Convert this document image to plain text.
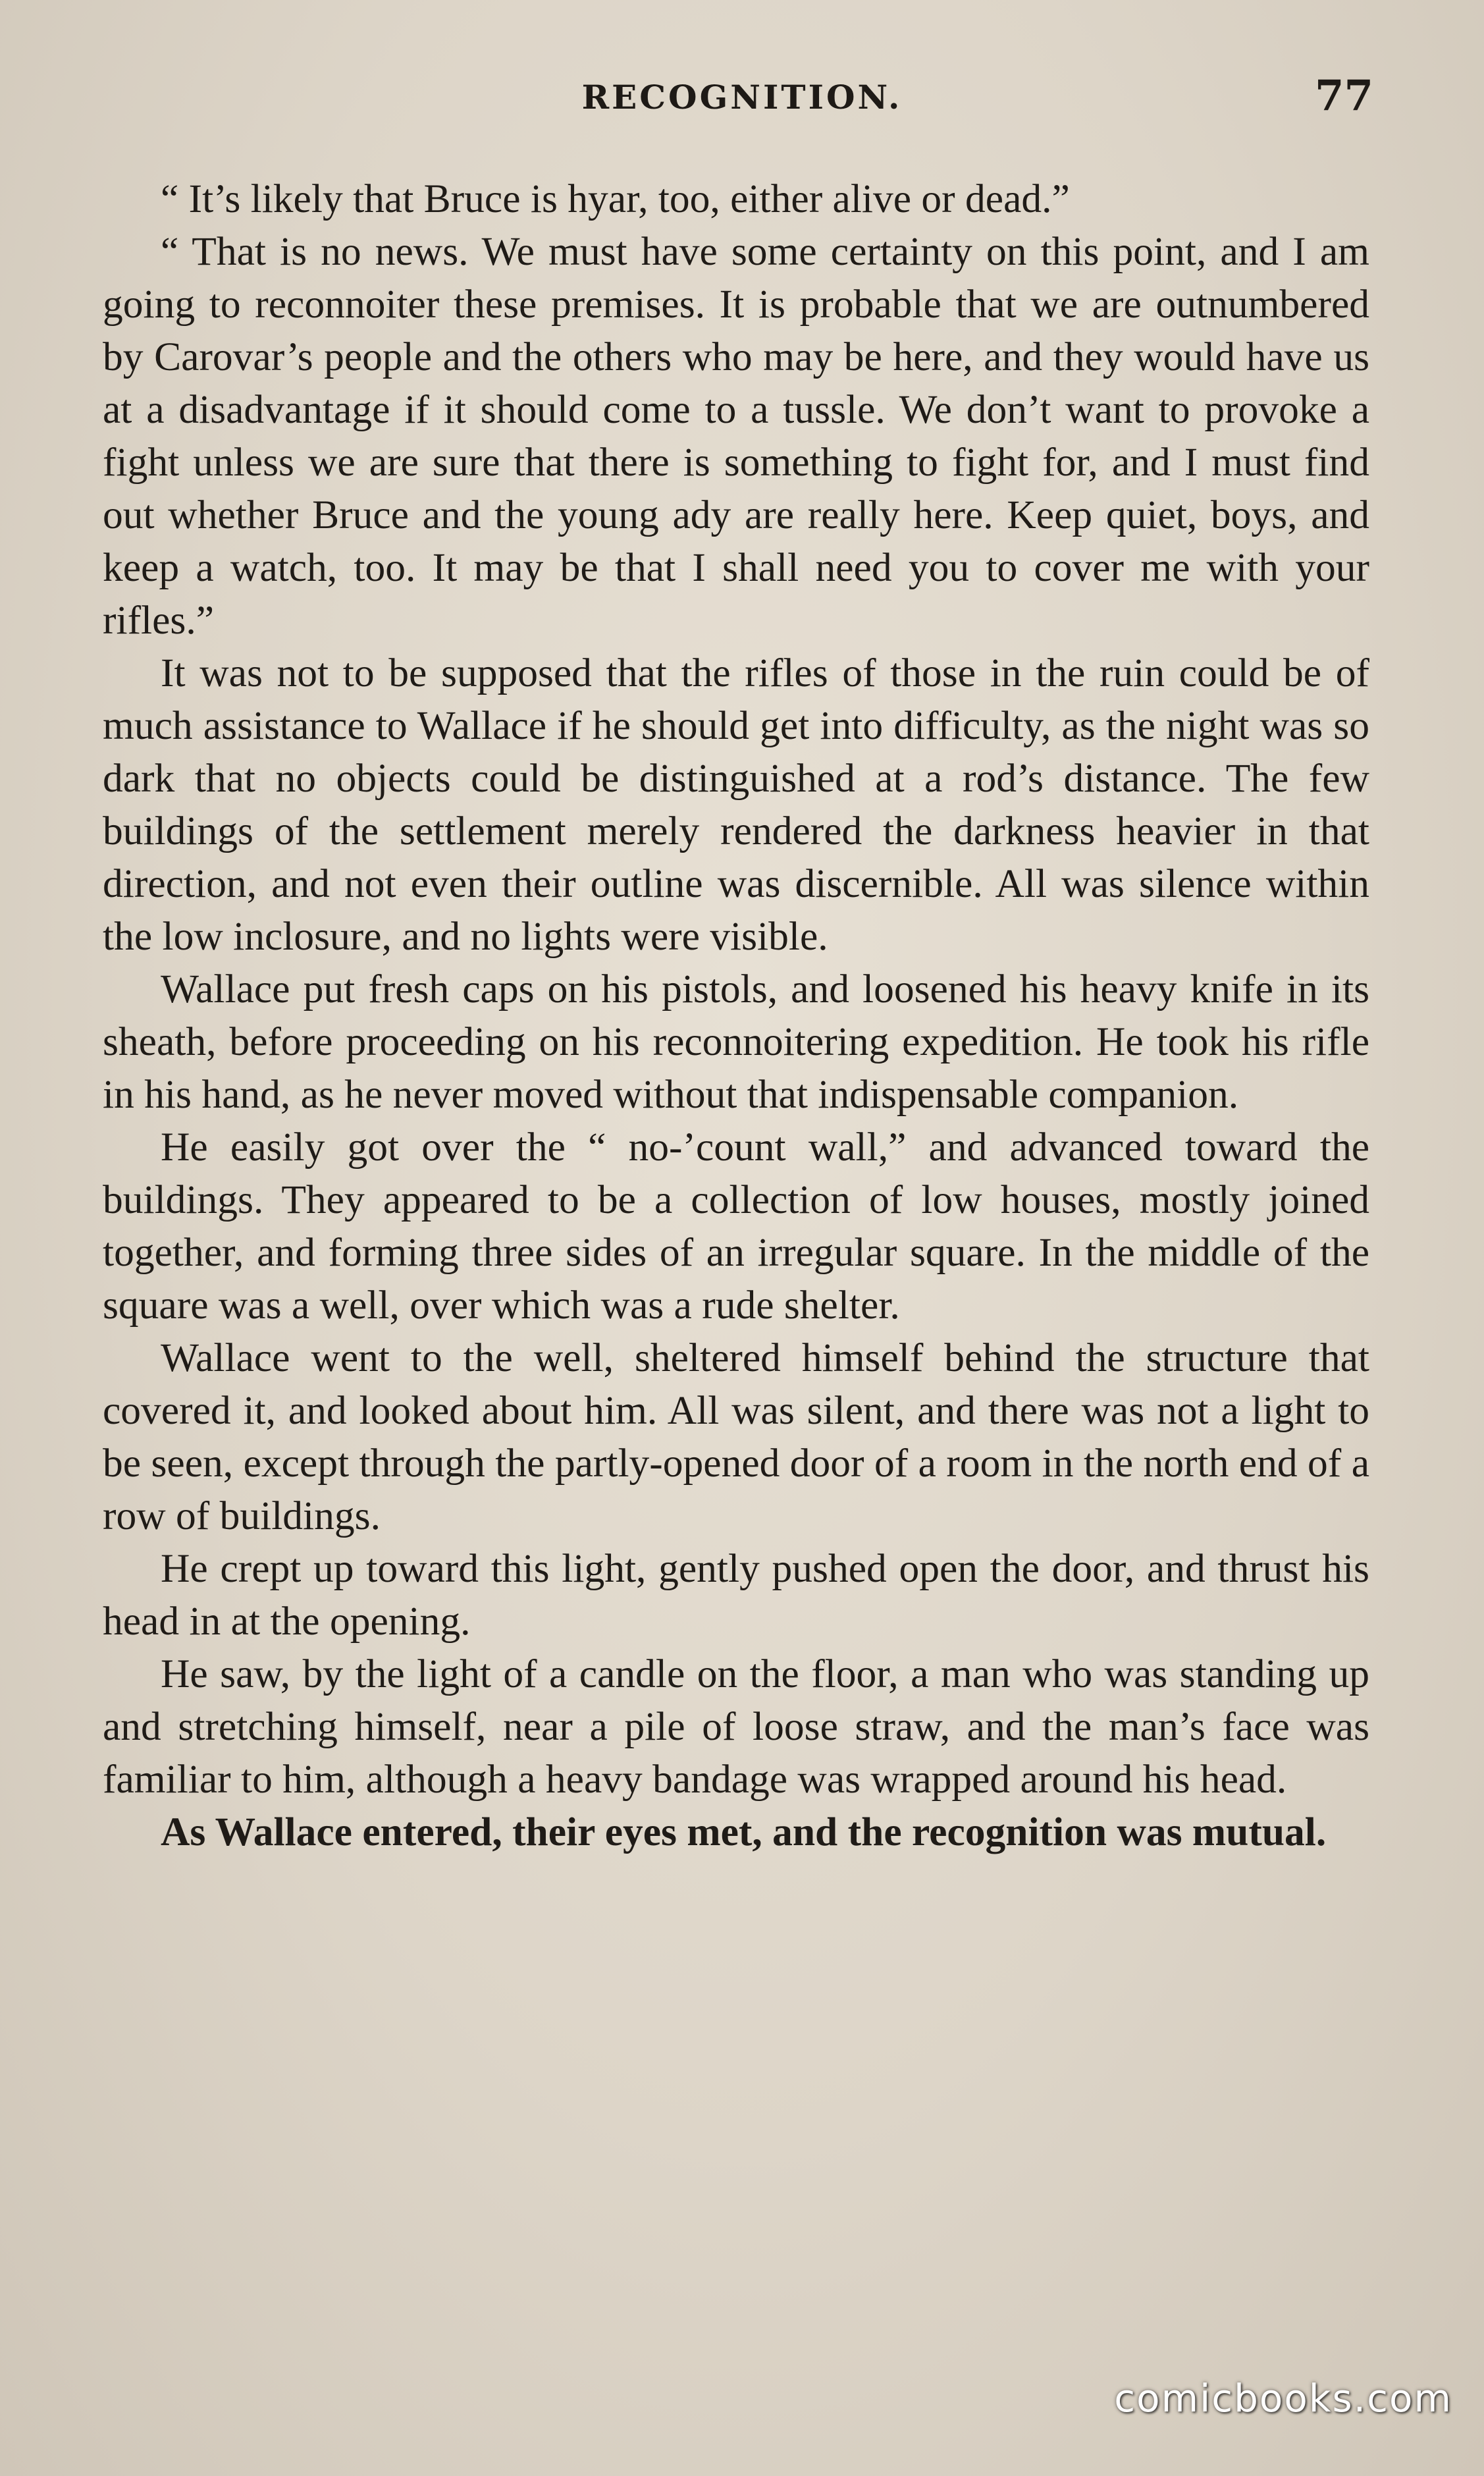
RECOGNITION.	77

“ It’s likely that Bruce is hyar, too, either alive or dead.”

“ That is no news. We must have some certainty on this point, and I am going to reconnoiter these premises. It is probable that we are outnumbered by Carovar’s people and the others who may be here, and they would have us at a disadvantage if it should come to a tussle. We don’t want to provoke a fight unless we are sure that there is something to fight for, and I must find out whether Bruce and the young ady are really here. Keep quiet, boys, and keep a watch, too. It may be that I shall need you to cover me with your rifles.”

It was not to be supposed that the rifles of those in the ruin could be of much assistance to Wallace if he should get into difficulty, as the night was so dark that no objects could be distinguished at a rod’s distance. The few buildings of the settlement merely rendered the darkness heavier in that direction, and not even their outline was discernible. All was silence within the low inclosure, and no lights were visible.

Wallace put fresh caps on his pistols, and loosened his heavy knife in its sheath, before proceeding on his reconnoitering expedition. He took his rifle in his hand, as he never moved without that indispensable companion.

He easily got over the “ no-’count wall,” and advanced toward the buildings. They appeared to be a collection of low houses, mostly joined together, and forming three sides of an irregular square. In the middle of the square was a well, over which was a rude shelter.

Wallace went to the well, sheltered himself behind the structure that covered it, and looked about him. All was silent, and there was not a light to be seen, except through the partly-opened door of a room in the north end of a row of buildings.

He crept up toward this light, gently pushed open the door, and thrust his head in at the opening.

He saw, by the light of a candle on the floor, a man who was standing up and stretching himself, near a pile of loose straw, and the man’s face was familiar to him, although a heavy bandage was wrapped around his head.

As Wallace entered, their eyes met, and the recognition was mutual.

comicbooks.com
